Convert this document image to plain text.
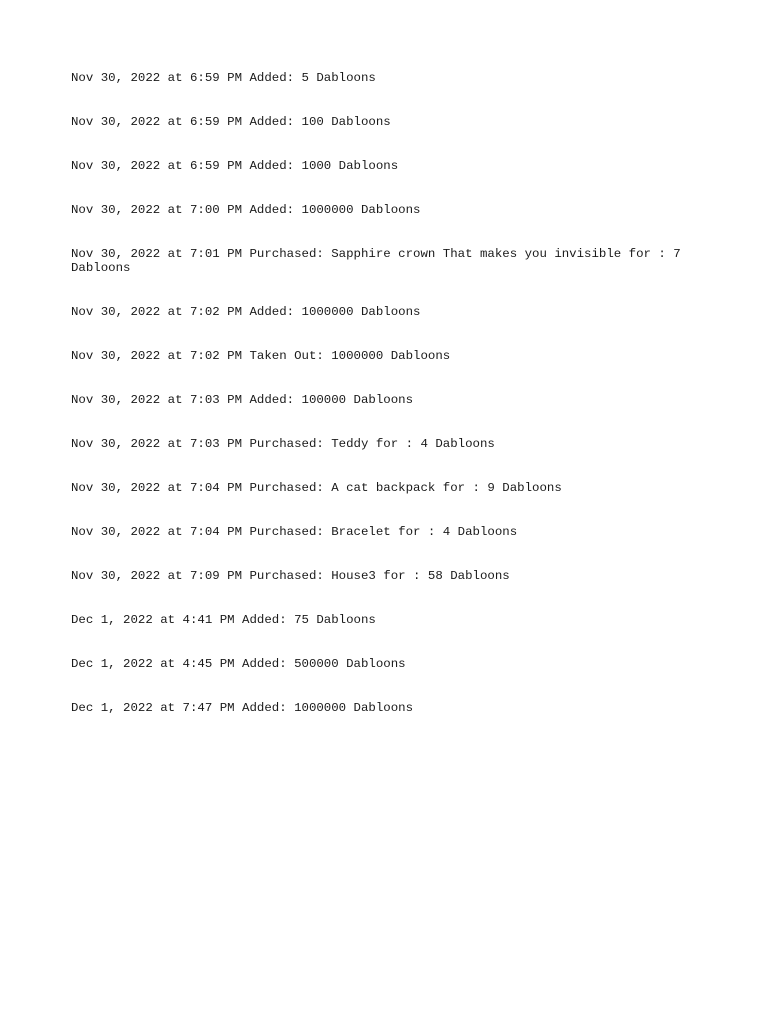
Nov 30, 2022 at 6:59 PM Added: 5 Dabloons
Nov 30, 2022 at 6:59 PM Added: 100 Dabloons
Nov 30, 2022 at 6:59 PM Added: 1000 Dabloons
Nov 30, 2022 at 7:00 PM Added: 1000000 Dabloons
Nov 30, 2022 at 7:01 PM Purchased: Sapphire crown That makes you invisible for : 7 Dabloons
Nov 30, 2022 at 7:02 PM Added: 1000000 Dabloons
Nov 30, 2022 at 7:02 PM Taken Out: 1000000 Dabloons
Nov 30, 2022 at 7:03 PM Added: 100000 Dabloons
Nov 30, 2022 at 7:03 PM Purchased: Teddy for : 4 Dabloons
Nov 30, 2022 at 7:04 PM Purchased: A cat backpack for : 9 Dabloons
Nov 30, 2022 at 7:04 PM Purchased: Bracelet for : 4 Dabloons
Nov 30, 2022 at 7:09 PM Purchased: House3 for : 58 Dabloons
Dec 1, 2022 at 4:41 PM Added: 75 Dabloons
Dec 1, 2022 at 4:45 PM Added: 500000 Dabloons
Dec 1, 2022 at 7:47 PM Added: 1000000 Dabloons
